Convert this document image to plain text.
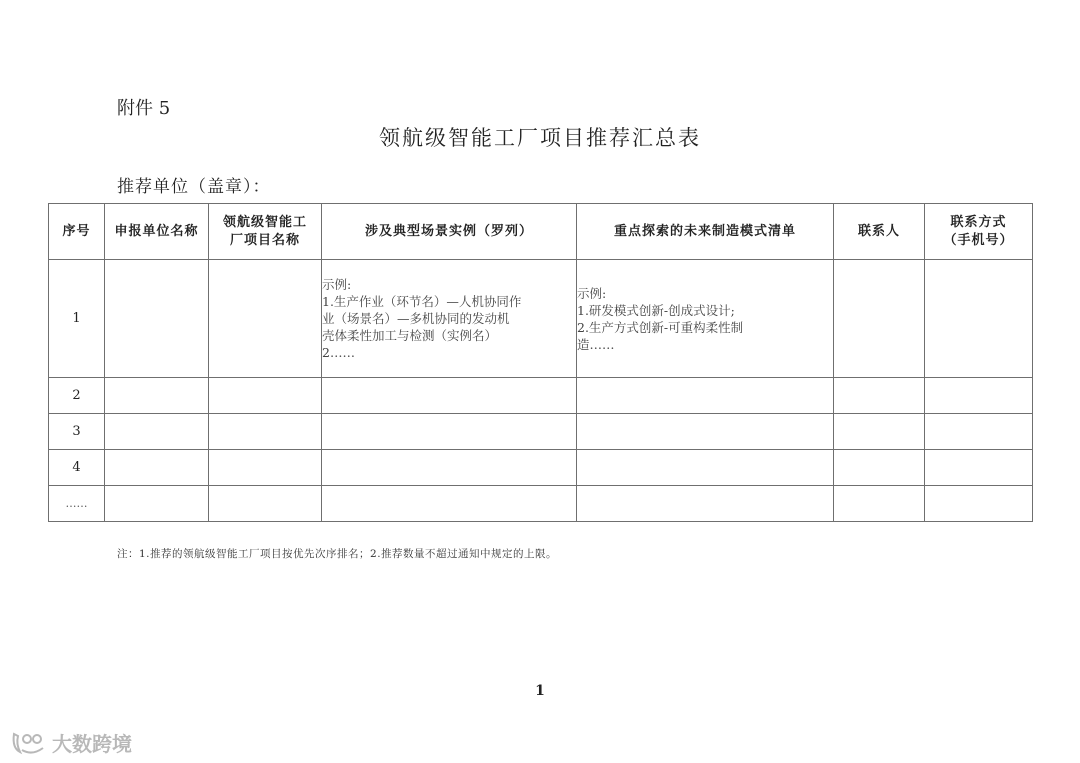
附件 5
领航级智能工厂项目推荐汇总表
推荐单位（盖章）：
序号	申报单位名称	领航级智能工厂项目名称	涉及典型场景实例（罗列）	重点探索的未来制造模式清单	联系人	联系方式（手机号）
1			示例:
1.生产作业（环节名）—人机协同作
业（场景名）—多机协同的发动机
壳体柔性加工与检测（实例名）
2……	示例:
1.研发模式创新-创成式设计;
2.生产方式创新-可重构柔性制
造……		

2						
3						
4						
……						
注：1.推荐的领航级智能工厂项目按优先次序排名；2.推荐数量不超过通知中规定的上限。
1
大数跨境
